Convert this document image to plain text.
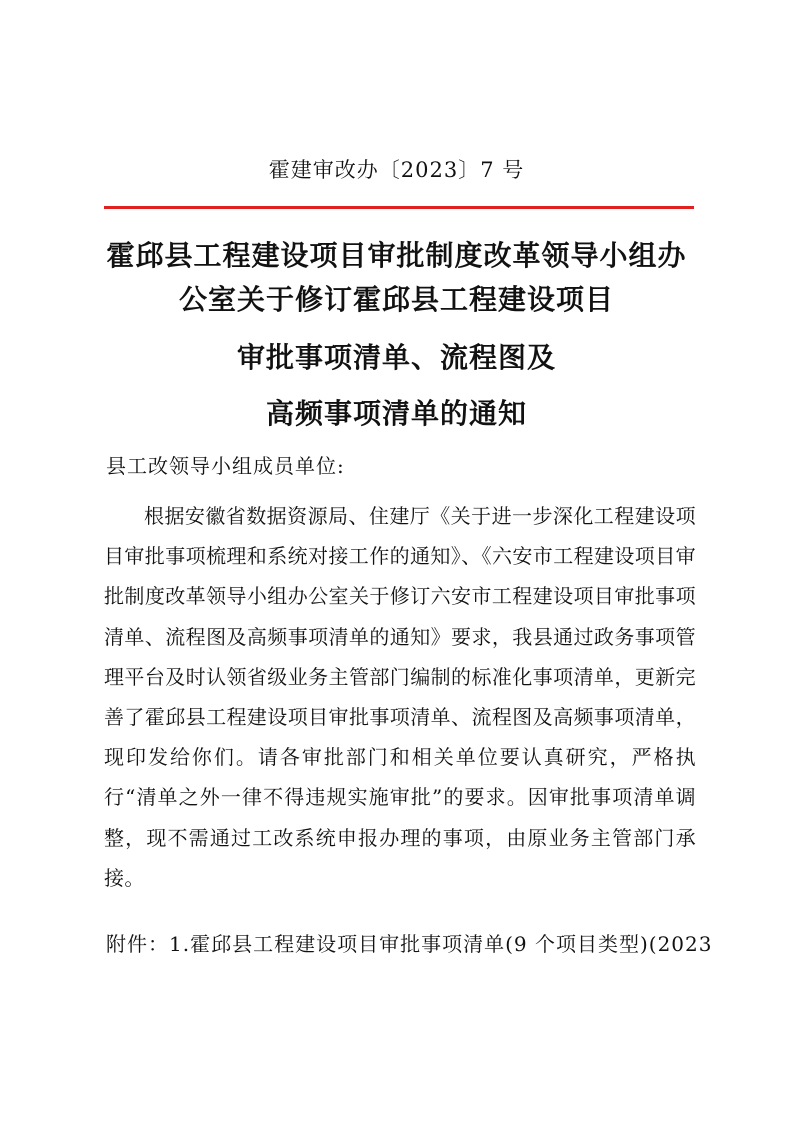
霍建审改办〔2023〕7 号
霍邱县工程建设项目审批制度改革领导小组办
公室关于修订霍邱县工程建设项目
审批事项清单、流程图及
高频事项清单的通知
县工改领导小组成员单位:

根据安徽省数据资源局、住建厅《关于进一步深化工程建设项目审批事项梳理和系统对接工作的通知》、《六安市工程建设项目审批制度改革领导小组办公室关于修订六安市工程建设项目审批事项清单、流程图及高频事项清单的通知》要求，我县通过政务事项管理平台及时认领省级业务主管部门编制的标准化事项清单，更新完善了霍邱县工程建设项目审批事项清单、流程图及高频事项清单，现印发给你们。请各审批部门和相关单位要认真研究，严格执行“清单之外一律不得违规实施审批”的要求。因审批事项清单调整，现不需通过工改系统申报办理的事项，由原业务主管部门承接。

附件：1.霍邱县工程建设项目审批事项清单(9 个项目类型)(2023
